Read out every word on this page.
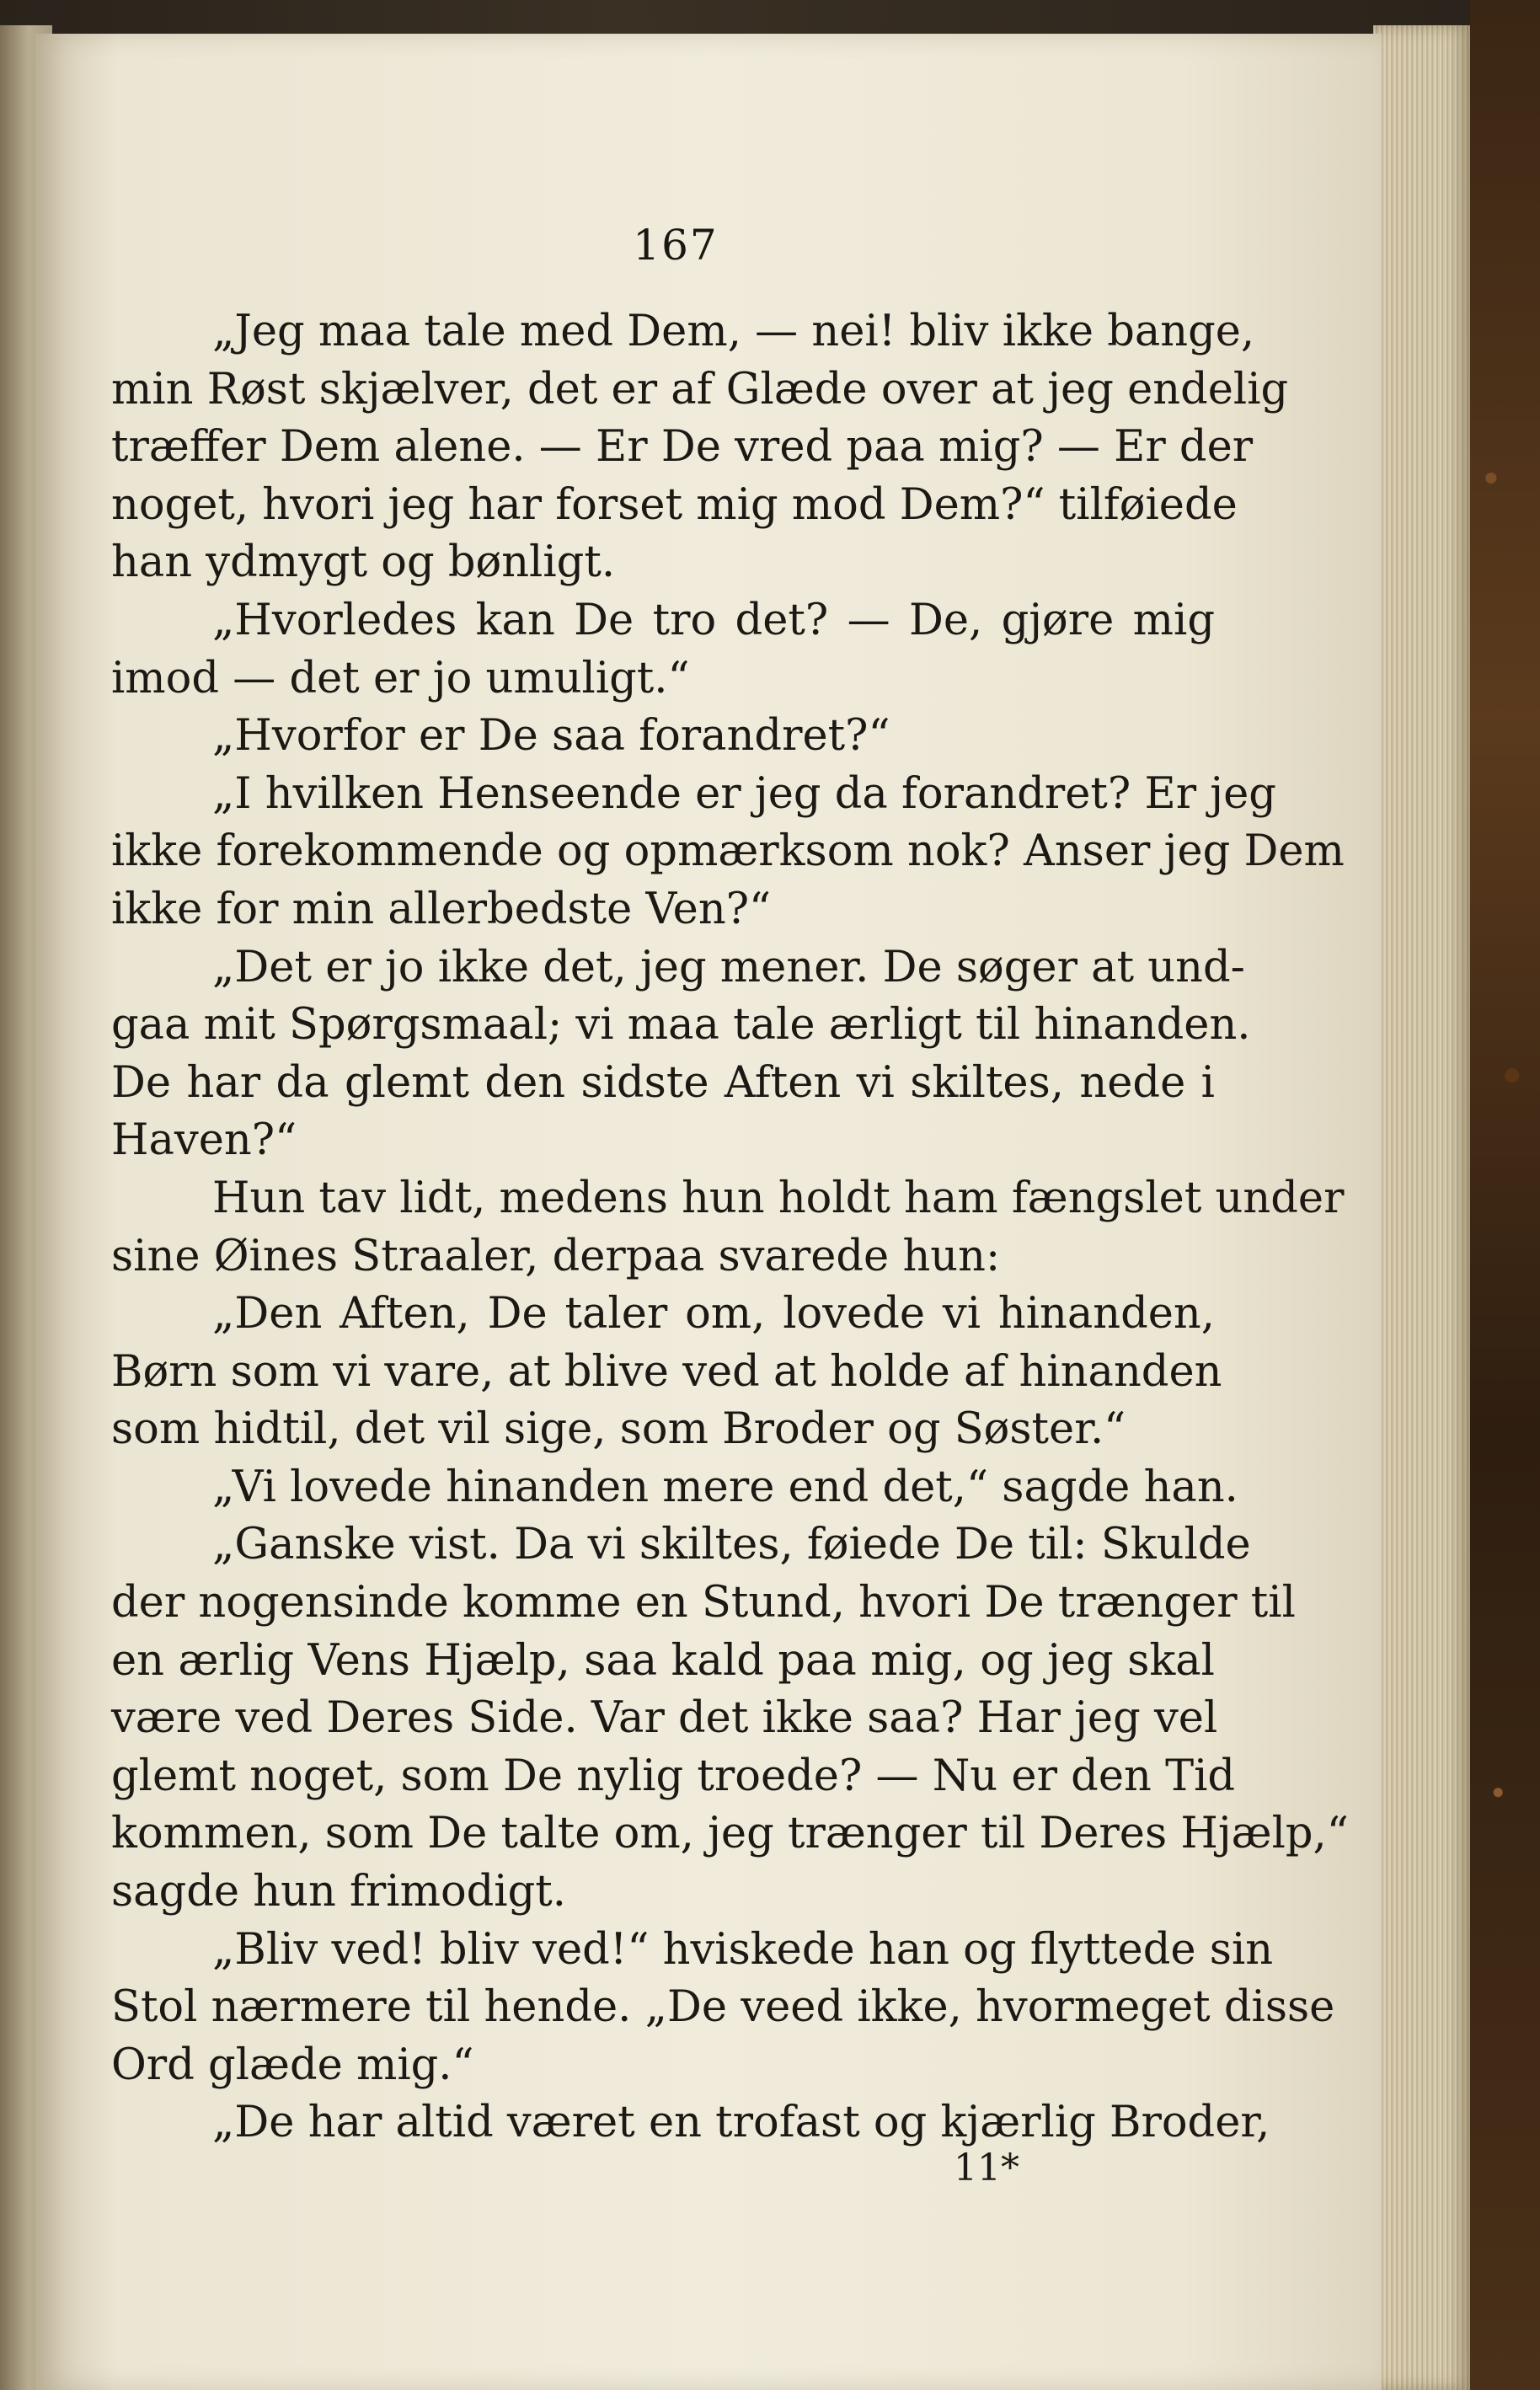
167
„Jeg maa tale med Dem, — nei! bliv ikke bange,
min Røst skjælver, det er af Glæde over at jeg endelig
træffer Dem alene. — Er De vred paa mig? — Er der
noget, hvori jeg har forset mig mod Dem?“ tilføiede
han ydmygt og bønligt.
„Hvorledes kan De tro det? — De, gjøre mig
imod — det er jo umuligt.“
„Hvorfor er De saa forandret?“
„I hvilken Henseende er jeg da forandret? Er jeg
ikke forekommende og opmærksom nok? Anser jeg Dem
ikke for min allerbedste Ven?“
„Det er jo ikke det, jeg mener. De søger at und-
gaa mit Spørgsmaal; vi maa tale ærligt til hinanden.
De har da glemt den sidste Aften vi skiltes, nede i
Haven?“
Hun tav lidt, medens hun holdt ham fængslet under
sine Øines Straaler, derpaa svarede hun:
„Den Aften, De taler om, lovede vi hinanden,
Børn som vi vare, at blive ved at holde af hinanden
som hidtil, det vil sige, som Broder og Søster.“
„Vi lovede hinanden mere end det,“ sagde han.
„Ganske vist. Da vi skiltes, føiede De til: Skulde
der nogensinde komme en Stund, hvori De trænger til
en ærlig Vens Hjælp, saa kald paa mig, og jeg skal
være ved Deres Side. Var det ikke saa? Har jeg vel
glemt noget, som De nylig troede? — Nu er den Tid
kommen, som De talte om, jeg trænger til Deres Hjælp,“
sagde hun frimodigt.
„Bliv ved! bliv ved!“ hviskede han og flyttede sin
Stol nærmere til hende. „De veed ikke, hvormeget disse
Ord glæde mig.“
„De har altid været en trofast og kjærlig Broder,
11*
